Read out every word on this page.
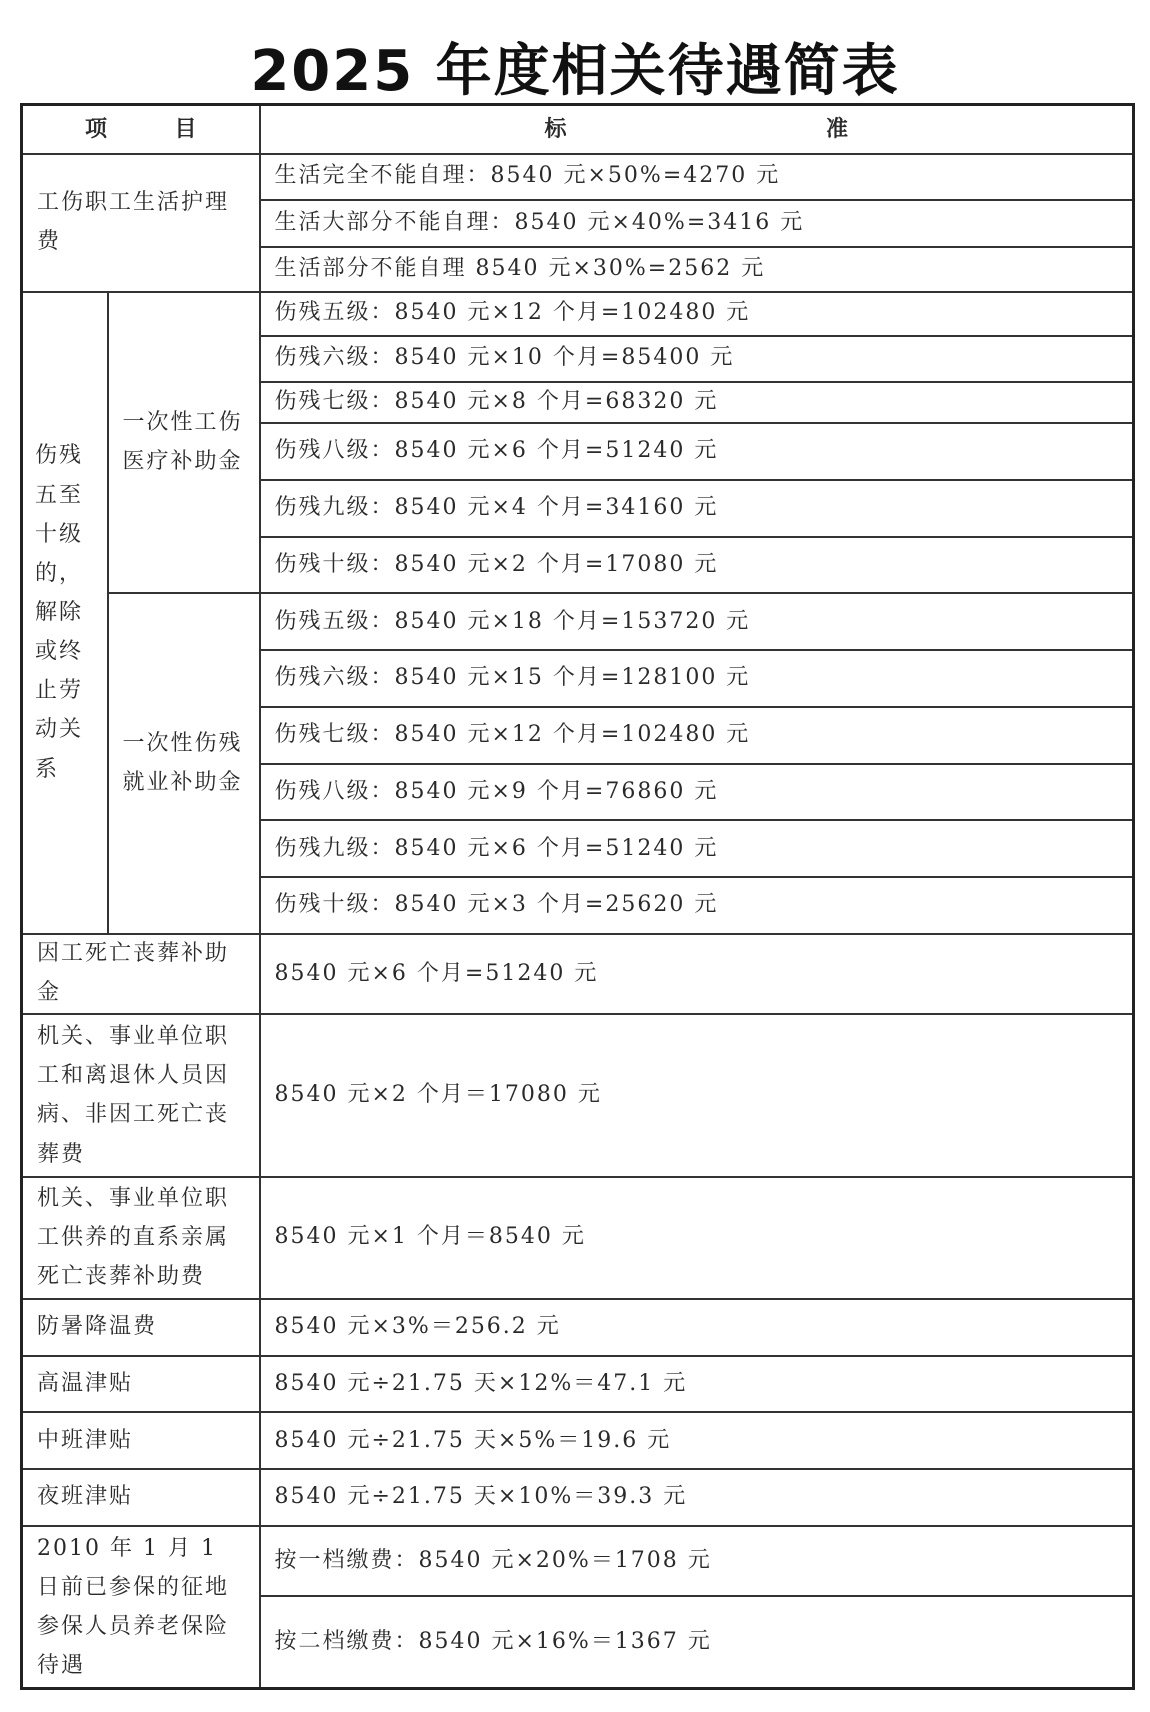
2025 年度相关待遇简表
项 目		标 准

工伤职工生活护理费		生活完全不能自理：8540 元×50%=4270 元
		生活大部分不能自理：8540 元×40%=3416 元
		生活部分不能自理 8540 元×30%=2562 元
伤残五至十级的，解除或终止劳动关系	一次性工伤医疗补助金	伤残五级：8540 元×12 个月=102480 元
		伤残六级：8540 元×10 个月=85400 元
		伤残七级：8540 元×8 个月=68320 元
		伤残八级：8540 元×6 个月=51240 元
		伤残九级：8540 元×4 个月=34160 元
		伤残十级：8540 元×2 个月=17080 元
	一次性伤残就业补助金	伤残五级：8540 元×18 个月=153720 元
		伤残六级：8540 元×15 个月=128100 元
		伤残七级：8540 元×12 个月=102480 元
		伤残八级：8540 元×9 个月=76860 元
		伤残九级：8540 元×6 个月=51240 元
		伤残十级：8540 元×3 个月=25620 元
因工死亡丧葬补助金		8540 元×6 个月=51240 元
机关、事业单位职工和离退休人员因病、非因工死亡丧葬费		8540 元×2 个月＝17080 元
机关、事业单位职工供养的直系亲属死亡丧葬补助费		8540 元×1 个月＝8540 元
防暑降温费		8540 元×3%＝256.2 元
高温津贴		8540 元÷21.75 天×12%＝47.1 元
中班津贴		8540 元÷21.75 天×5%＝19.6 元
夜班津贴		8540 元÷21.75 天×10%＝39.3 元
2010 年 1 月 1 日前已参保的征地参保人员养老保险待遇		按一档缴费：8540 元×20%＝1708 元
		按二档缴费：8540 元×16%＝1367 元
